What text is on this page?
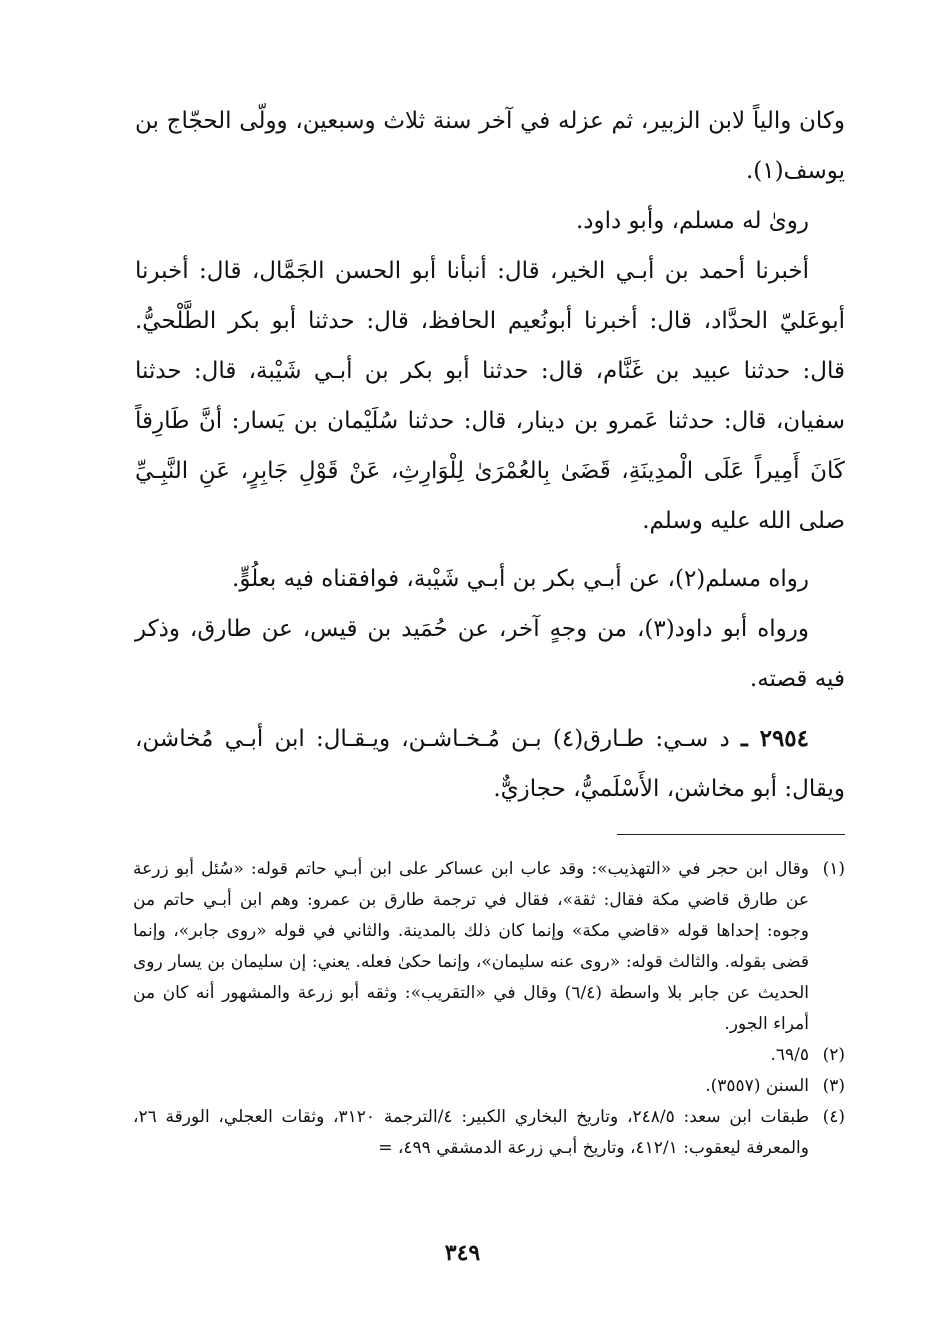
وكان والياً لابن الزبير، ثم عزله في آخر سنة ثلاث وسبعين، وولّى الحجّاج بن يوسف(١).

روىٰ له مسلم، وأبو داود.

أخبرنا أحمد بن أبـي الخير، قال: أنبأنا أبو الحسن الجَمَّال، قال: أخبرنا أبوعَليّ الحدَّاد، قال: أخبرنا أبونُعيم الحافظ، قال: حدثنا أبو بكر الطَّلْحيُّ. قال: حدثنا عبيد بن غَنَّام، قال: حدثنا أبو بكر بن أبـي شَيْبة، قال: حدثنا سفيان، قال: حدثنا عَمرو بن دينار، قال: حدثنا سُلَيْمان بن يَسار: أنَّ طَارِقاً كَانَ أَمِيراً عَلَى الْمدِينَةِ، قَضَىٰ بِالعُمْرَىٰ لِلْوَارِثِ، عَنْ قَوْلِ جَابِرٍ، عَنِ النَّبِـيِّ صلى الله عليه وسلم.

رواه مسلم(٢)، عن أبـي بكر بن أبـي شَيْبة، فوافقناه فيه بعلُوٍّ.

ورواه أبو داود(٣)، من وجهٍ آخر، عن حُمَيد بن قيس، عن طارق، وذكر فيه قصته.

٢٩٥٤ ـ د سـي: طـارق(٤) بـن مُـخـاشـن، ويـقـال: ابن أبـي مُخاشن، ويقال: أبو مخاشن، الأَسْلَميُّ، حجازيٌّ.

(١)
وقال ابن حجر في «التهذيب»: وقد عاب ابن عساكر على ابن أبـي حاتم قوله: «سُئل أبو زرعة عن طارق قاضي مكة فقال: ثقة»، فقال في ترجمة طارق بن عمرو: وهم ابن أبـي حاتم من وجوه: إحداها قوله «قاضي مكة» وإنما كان ذلك بالمدينة. والثاني في قوله «روى جابر»، وإنما قضى بقوله. والثالث قوله: «روى عنه سليمان»، وإنما حكىٰ فعله. يعني: إن سليمان بن يسار روى الحديث عن جابر بلا واسطة (٦/٤) وقال في «التقريب»: وثقه أبو زرعة والمشهور أنه كان من أمراء الجور.

(٢)
٦٩/٥.

(٣)
السنن (٣٥٥٧).

(٤)
طبقات ابن سعد: ٢٤٨/٥، وتاريخ البخاري الكبير: ٤/الترجمة ٣١٢٠، وثقات العجلي، الورقة ٢٦، والمعرفة ليعقوب: ٤١٢/١، وتاريخ أبـي زرعة الدمشقي ٤٩٩، =

٣٤٩
